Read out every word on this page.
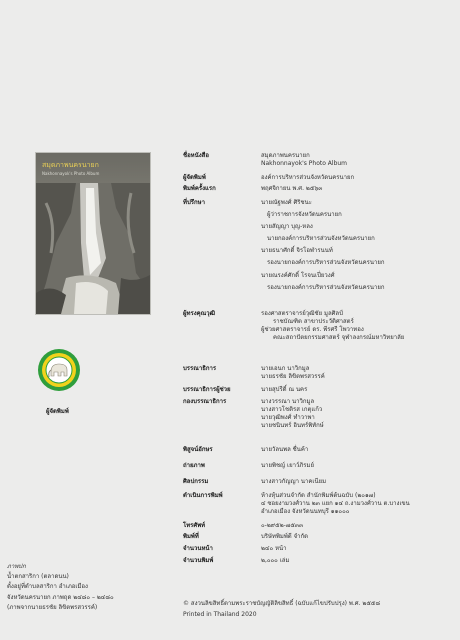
สมุดภาพนครนายก
Nakhonnayok's Photo Album
ผู้จัดพิมพ์
ชื่อหนังสือ	สมุดภาพนครนายก
Nakhonnayok's Photo Album
ผู้จัดพิมพ์	องค์การบริหารส่วนจังหวัดนครนายก
พิมพ์ครั้งแรก	พฤศจิกายน พ.ศ. ๒๕๖๓
ที่ปรึกษา	นายณัฐพงศ์ ศิริชนะ
ผู้ว่าราชการจังหวัดนครนายก
นายสัญญา บุญ-หลง
นายกองค์การบริหารส่วนจังหวัดนครนายก
นายธนาศักดิ์ จิรโอฬารนนท์
รองนายกองค์การบริหารส่วนจังหวัดนครนายก
นายณรงค์ศักดิ์ โรจนเปี่ยวงศ์
รองนายกองค์การบริหารส่วนจังหวัดนครนายก
ผู้ทรงคุณวุฒิ	รองศาสตราจารย์วุฒิชัย มูลศิลป์
ราชบัณฑิต สาขาประวัติศาสตร์
ผู้ช่วยศาสตราจารย์ ดร. พีรศรี โพวาทอง
คณะสถาปัตยกรรมศาสตร์ จุฬาลงกรณ์มหาวิทยาลัย
บรรณาธิการ	นายเอนก นาวิกมูล
นายธรชัย ลิขิตพรสวรรค์
บรรณาธิการผู้ช่วย	นายสุปรีดิ์ ณ นคร
กองบรรณาธิการ	นางวรรณา นาวิกมูล
นางสาวโชติรส เกตุแก้ว
นายวุฒิพงศ์ ทำวาพา
นายชนินทร์ อินทร์พิทักษ์
พิสูจน์อักษร	นายวัลนพล ชื่นค้า
ถ่ายภาพ	นายพิชญ์ เยาว์ภิรมย์
ศิลปกรรม	นางสาวกัญญา นาคเนียม
ดำเนินการพิมพ์	ห้างหุ้นส่วนจำกัด สำนักพิมพ์ต้นฉบับ (๒๐๑๗)
๔ ซอยงามวงศ์วาน ๒๓ แยก ๑๔ ถ.งามวงศ์วาน ต.บางเขน
อำเภอเมือง จังหวัดนนทบุรี ๑๑๐๐๐
โทรศัพท์	๐-๒๙๕๒-๗๕๓๓
พิมพ์ที่	บริษัทพิมพ์ดี จำกัด
จำนวนหน้า	๒๔๐ หน้า
จำนวนพิมพ์	๒,๐๐๐ เล่ม
ภาพปก
น้ำตกสาริกา (ตลาดนน)
ตั้งอยู่ที่ตำบลสาริกา อำเภอเมือง
จังหวัดนครนายก ภาพถุด ๒๔๘๐ – ๒๔๘๐
(ภาพจากนายธรชัย ลิขิตพรสวรรค์)
© สงวนลิขสิทธิ์ตามพระราชบัญญัติลิขสิทธิ์ (ฉบับแก้ไขปรับปรุง) พ.ศ. ๒๕๕๘
Printed in Thailand 2020
